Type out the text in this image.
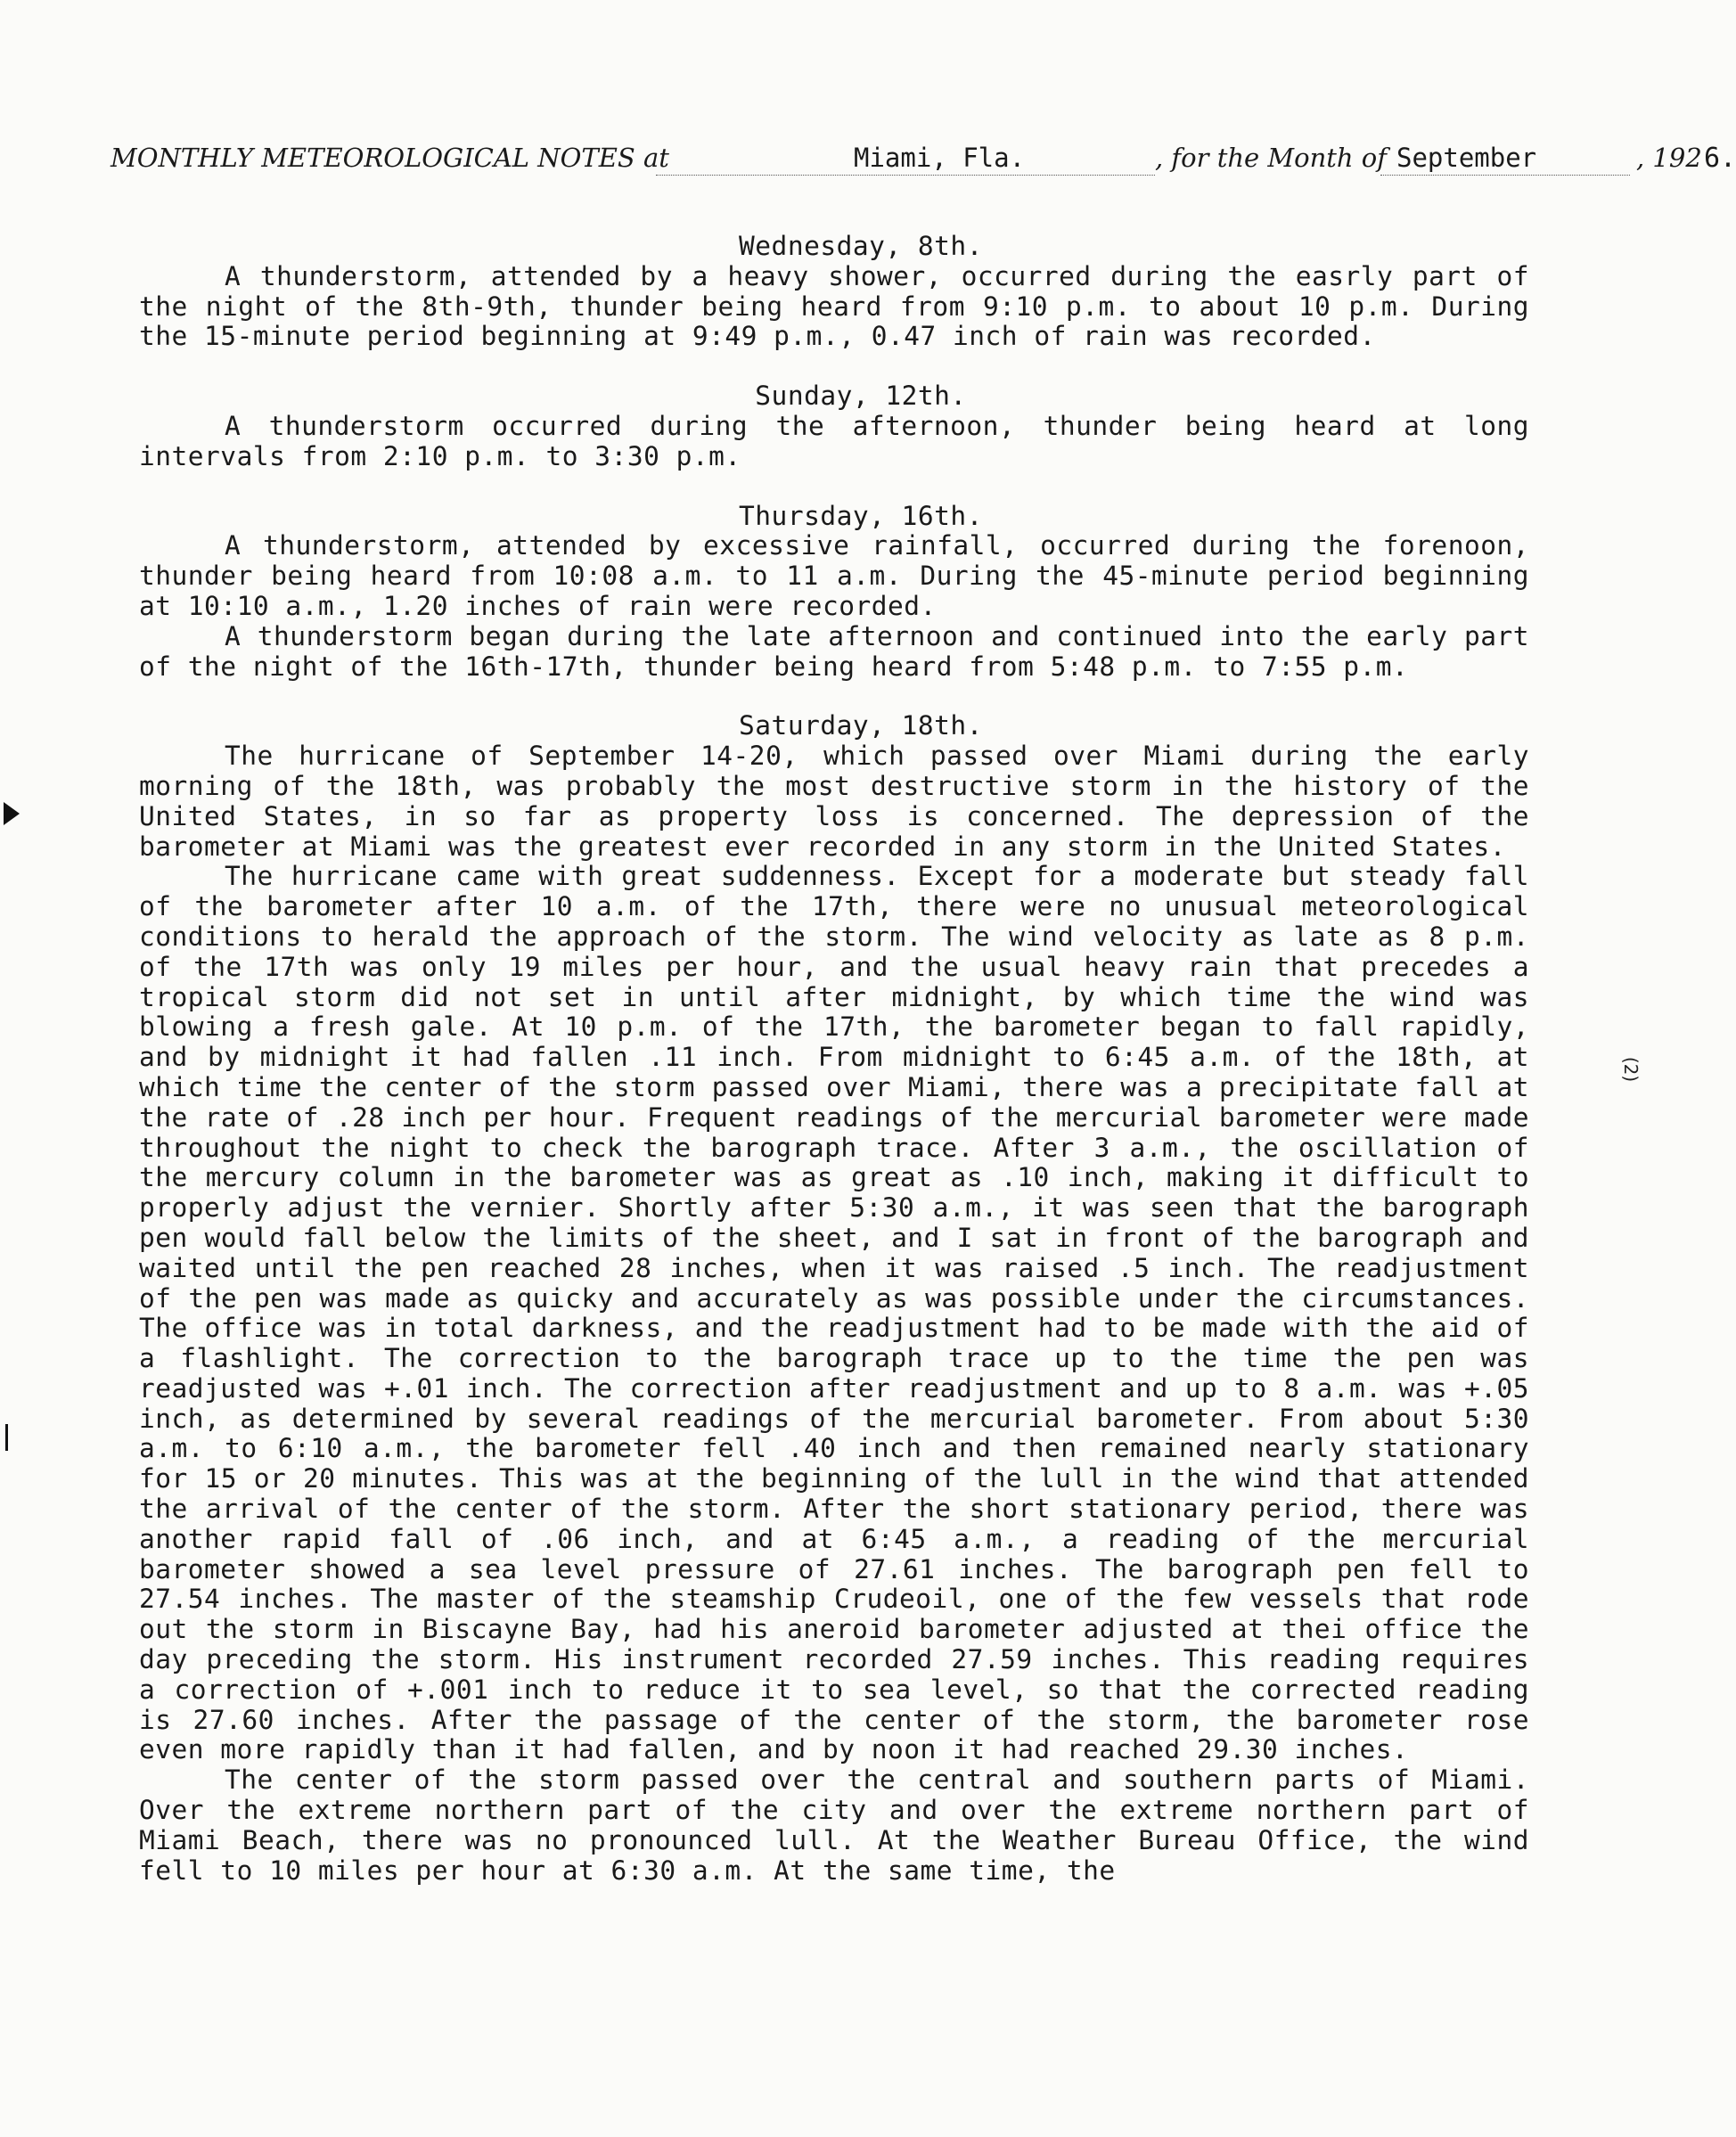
MONTHLY METEOROLOGICAL NOTES at	Miami, Fla.	, for the Month of September	, 192 6.

Wednesday, 8th.

A thunderstorm, attended by a heavy shower, occurred during the easrly part of the night of the 8th-9th, thunder being heard from 9:10 p.m. to about 10 p.m. During the 15-minute period beginning at 9:49 p.m., 0.47 inch of rain was recorded.

Sunday, 12th.

A thunderstorm occurred during the afternoon, thunder being heard at long intervals from 2:10 p.m. to 3:30 p.m.

Thursday, 16th.

A thunderstorm, attended by excessive rainfall, occurred during the forenoon, thunder being heard from 10:08 a.m. to 11 a.m. During the 45-minute period beginning at 10:10 a.m., 1.20 inches of rain were recorded.

A thunderstorm began during the late afternoon and continued into the early part of the night of the 16th-17th, thunder being heard from 5:48 p.m. to 7:55 p.m.

Saturday, 18th.

The hurricane of September 14-20, which passed over Miami during the early morning of the 18th, was probably the most destructive storm in the history of the United States, in so far as property loss is concerned. The depression of the barometer at Miami was the greatest ever recorded in any storm in the United States.

The hurricane came with great suddenness. Except for a moderate but steady fall of the barometer after 10 a.m. of the 17th, there were no unusual meteorological conditions to herald the approach of the storm. The wind velocity as late as 8 p.m. of the 17th was only 19 miles per hour, and the usual heavy rain that precedes a tropical storm did not set in until after midnight, by which time the wind was blowing a fresh gale. At 10 p.m. of the 17th, the barometer began to fall rapidly, and by midnight it had fallen .11 inch. From midnight to 6:45 a.m. of the 18th, at which time the center of the storm passed over Miami, there was a precipitate fall at the rate of .28 inch per hour. Frequent readings of the mercurial barometer were made throughout the night to check the barograph trace. After 3 a.m., the oscillation of the mercury column in the barometer was as great as .10 inch, making it difficult to properly adjust the vernier. Shortly after 5:30 a.m., it was seen that the barograph pen would fall below the limits of the sheet, and I sat in front of the barograph and waited until the pen reached 28 inches, when it was raised .5 inch. The readjustment of the pen was made as quicky and accurately as was possible under the circumstances. The office was in total darkness, and the readjustment had to be made with the aid of a flashlight. The correction to the barograph trace up to the time the pen was readjusted was +.01 inch. The correction after readjustment and up to 8 a.m. was +.05 inch, as determined by several readings of the mercurial barometer. From about 5:30 a.m. to 6:10 a.m., the barometer fell .40 inch and then remained nearly stationary for 15 or 20 minutes. This was at the beginning of the lull in the wind that attended the arrival of the center of the storm. After the short stationary period, there was another rapid fall of .06 inch, and at 6:45 a.m., a reading of the mercurial barometer showed a sea level pressure of 27.61 inches. The barograph pen fell to 27.54 inches. The master of the steamship Crudeoil, one of the few vessels that rode out the storm in Biscayne Bay, had his aneroid barometer adjusted at thei office the day preceding the storm. His instrument recorded 27.59 inches. This reading requires a correction of +.001 inch to reduce it to sea level, so that the corrected reading is 27.60 inches. After the passage of the center of the storm, the barometer rose even more rapidly than it had fallen, and by noon it had reached 29.30 inches.

The center of the storm passed over the central and southern parts of Miami. Over the extreme northern part of the city and over the extreme northern part of Miami Beach, there was no pronounced lull. At the Weather Bureau Office, the wind fell to 10 miles per hour at 6:30 a.m. At the same time, the

(2)
